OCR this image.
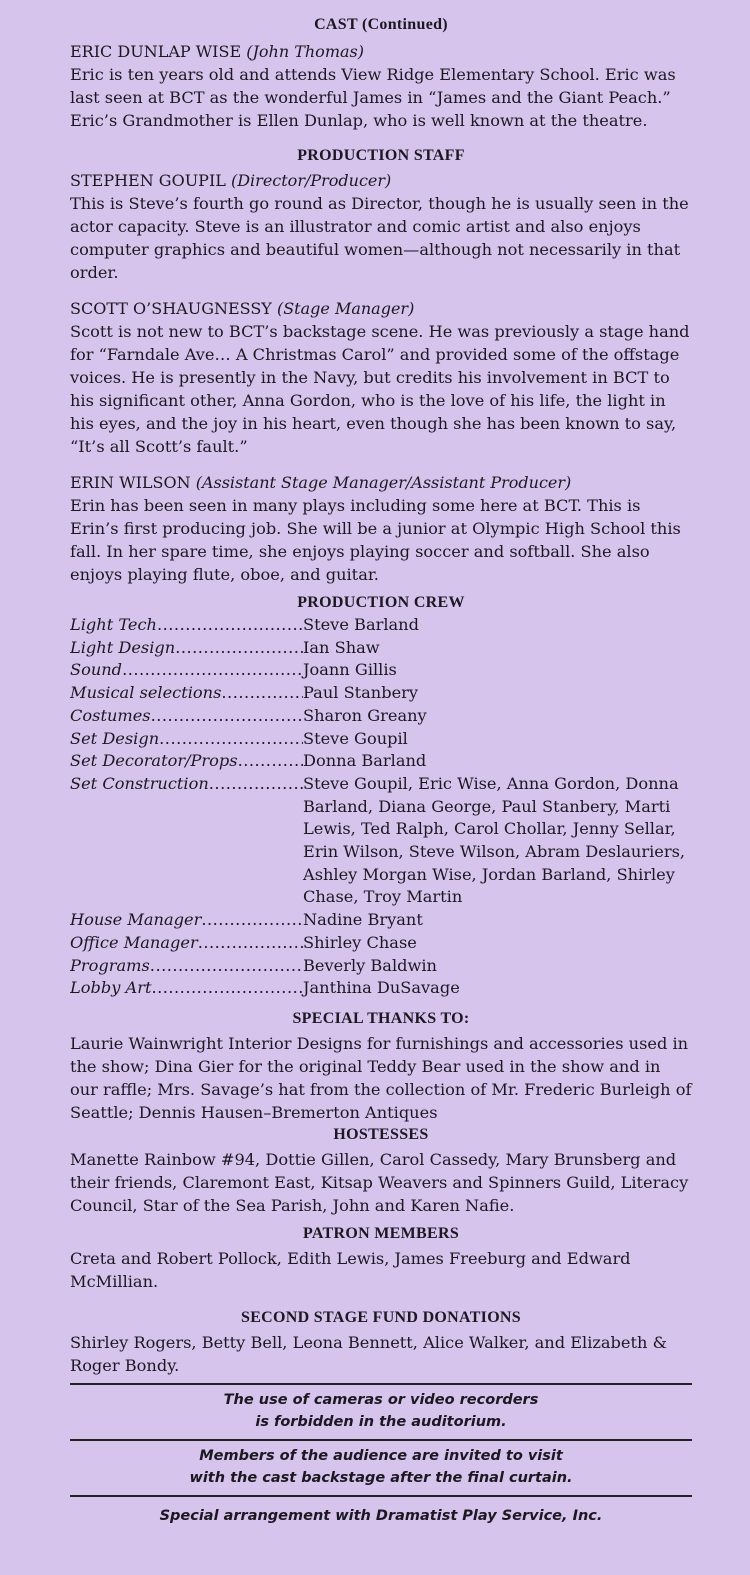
CAST (Continued)

ERIC DUNLAP WISE (John Thomas)

Eric is ten years old and attends View Ridge Elementary School. Eric was last seen at BCT as the wonderful James in “James and the Giant Peach.” Eric’s Grandmother is Ellen Dunlap, who is well known at the theatre.

PRODUCTION STAFF

STEPHEN GOUPIL (Director/Producer)

This is Steve’s fourth go round as Director, though he is usually seen in the actor capacity. Steve is an illustrator and comic artist and also enjoys computer graphics and beautiful women—although not necessarily in that order.

SCOTT O’SHAUGNESSY (Stage Manager)

Scott is not new to BCT’s backstage scene. He was previously a stage hand for “Farndale Ave… A Christmas Carol” and provided some of the offstage voices. He is presently in the Navy, but credits his involvement in BCT to his significant other, Anna Gordon, who is the love of his life, the light in his eyes, and the joy in his heart, even though she has been known to say, “It’s all Scott’s fault.”

ERIN WILSON (Assistant Stage Manager/Assistant Producer)

Erin has been seen in many plays including some here at BCT. This is Erin’s first producing job. She will be a junior at Olympic High School this fall. In her spare time, she enjoys playing soccer and softball. She also enjoys playing flute, oboe, and guitar.

PRODUCTION CREW
Light Tech .....	Steve Barland
Light Design .....	Ian Shaw
Sound .....	Joann Gillis
Musical selections .....	Paul Stanbery
Costumes .....	Sharon Greany
Set Design .....	Steve Goupil
Set Decorator/Props .....	Donna Barland
Set Construction .....	Steve Goupil, Eric Wise, Anna Gordon, Donna Barland, Diana George, Paul Stanbery, Marti Lewis, Ted Ralph, Carol Chollar, Jenny Sellar, Erin Wilson, Steve Wilson, Abram Deslauriers, Ashley Morgan Wise, Jordan Barland, Shirley Chase, Troy Martin
House Manager .....	Nadine Bryant
Office Manager .....	Shirley Chase
Programs .....	Beverly Baldwin
Lobby Art .....	Janthina DuSavage
SPECIAL THANKS TO:

Laurie Wainwright Interior Designs for furnishings and accessories used in the show; Dina Gier for the original Teddy Bear used in the show and in our raffle; Mrs. Savage’s hat from the collection of Mr. Frederic Burleigh of Seattle; Dennis Hausen–Bremerton Antiques

HOSTESSES

Manette Rainbow #94, Dottie Gillen, Carol Cassedy, Mary Brunsberg and their friends, Claremont East, Kitsap Weavers and Spinners Guild, Literacy Council, Star of the Sea Parish, John and Karen Nafie.

PATRON MEMBERS

Creta and Robert Pollock, Edith Lewis, James Freeburg and Edward McMillian.

SECOND STAGE FUND DONATIONS

Shirley Rogers, Betty Bell, Leona Bennett, Alice Walker, and Elizabeth & Roger Bondy.

The use of cameras or video recorders
is forbidden in the auditorium.
Members of the audience are invited to visit
with the cast backstage after the final curtain.
Special arrangement with Dramatist Play Service, Inc.
